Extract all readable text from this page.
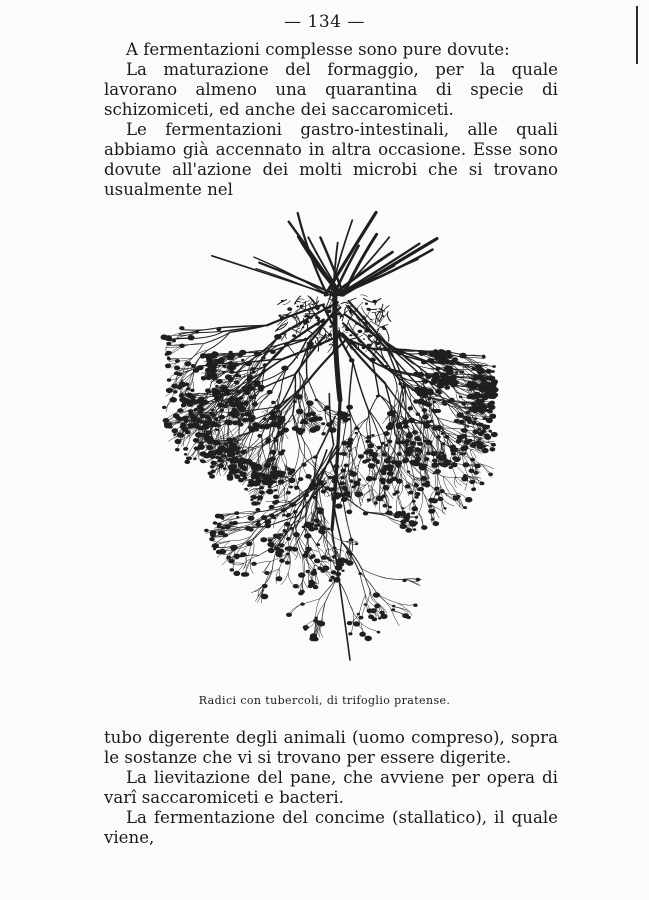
— 134 —

A fermentazioni complesse sono pure dovute:

La maturazione del formaggio, per la quale lavorano almeno una quarantina di specie di schizomiceti, ed anche dei saccaromiceti.

Le fermentazioni gastro-intestinali, alle quali abbiamo già accennato in altra occasione. Esse sono dovute all'azione dei molti microbi che si trovano usualmente nel

Radici con tubercoli, di trifoglio pratense.

tubo digerente degli animali (uomo compreso), sopra le sostanze che vi si trovano per essere digerite.

La lievitazione del pane, che avviene per opera di varî saccaromiceti e bacteri.

La fermentazione del concime (stallatico), il quale viene,
